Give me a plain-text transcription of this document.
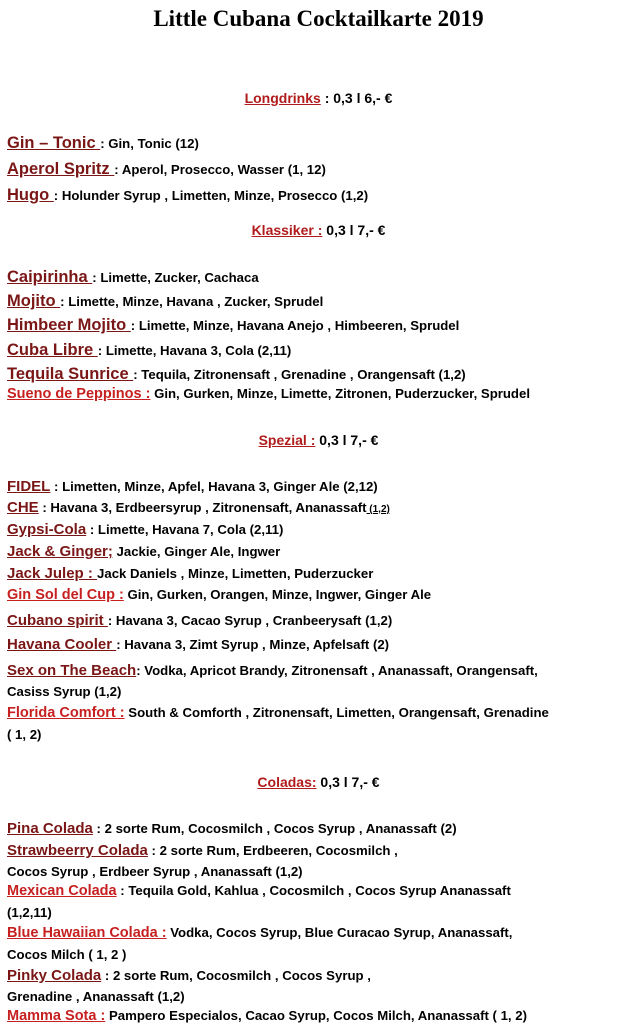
Little Cubana Cocktailkarte 2019
Longdrinks : 0,3 l 6,- €
Gin – Tonic : Gin, Tonic (12)
Aperol Spritz : Aperol, Prosecco, Wasser (1, 12)
Hugo : Holunder Syrup , Limetten, Minze, Prosecco (1,2)
Klassiker : 0,3 l 7,- €
Caipirinha : Limette, Zucker, Cachaca
Mojito : Limette, Minze, Havana , Zucker, Sprudel
Himbeer Mojito : Limette, Minze, Havana Anejo , Himbeeren, Sprudel
Cuba Libre : Limette, Havana 3, Cola (2,11)
Tequila Sunrice : Tequila, Zitronensaft , Grenadine , Orangensaft (1,2)
Sueno de Peppinos : Gin, Gurken, Minze, Limette, Zitronen, Puderzucker, Sprudel
Spezial : 0,3 l 7,- €
FIDEL : Limetten, Minze, Apfel, Havana 3, Ginger Ale (2,12)
CHE : Havana 3, Erdbeersyrup , Zitronensaft, Ananassaft (1,2)
Gypsi-Cola : Limette, Havana 7, Cola (2,11)
Jack & Ginger; Jackie, Ginger Ale, Ingwer
Jack Julep : Jack Daniels , Minze, Limetten, Puderzucker
Gin Sol del Cup : Gin, Gurken, Orangen, Minze, Ingwer, Ginger Ale
Cubano spirit : Havana 3, Cacao Syrup , Cranbeerysaft (1,2)
Havana Cooler : Havana 3, Zimt Syrup , Minze, Apfelsaft (2)
Sex on The Beach: Vodka, Apricot Brandy, Zitronensaft , Ananassaft, Orangensaft,
Casiss Syrup (1,2)
Florida Comfort : South & Comforth , Zitronensaft, Limetten, Orangensaft, Grenadine
( 1, 2)
Coladas: 0,3 l 7,- €
Pina Colada : 2 sorte Rum, Cocosmilch , Cocos Syrup , Ananassaft (2)
Strawbeerry Colada : 2 sorte Rum, Erdbeeren, Cocosmilch ,
Cocos Syrup , Erdbeer Syrup , Ananassaft (1,2)
Mexican Colada : Tequila Gold, Kahlua , Cocosmilch , Cocos Syrup Ananassaft
(1,2,11)
Blue Hawaiian Colada : Vodka, Cocos Syrup, Blue Curacao Syrup, Ananassaft,
Cocos Milch ( 1, 2 )
Pinky Colada : 2 sorte Rum, Cocosmilch , Cocos Syrup ,
Grenadine , Ananassaft (1,2)
Mamma Sota : Pampero Especialos, Cacao Syrup, Cocos Milch, Ananassaft ( 1, 2)
